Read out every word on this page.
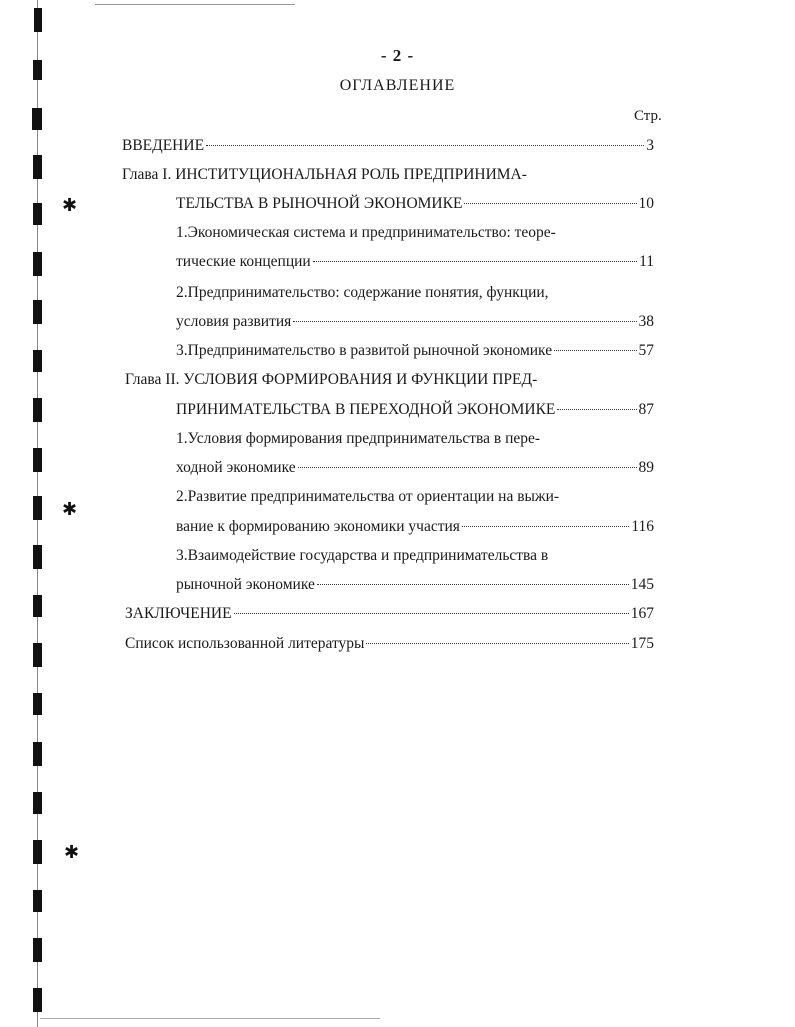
✱
✱
✱
- 2 -
ОГЛАВЛЕНИЕ
Стр.
ВВЕДЕНИЕ	3
Глава I. ИНСТИТУЦИОНАЛЬНАЯ РОЛЬ ПРЕДПРИНИМА-
ТЕЛЬСТВА В РЫНОЧНОЙ ЭКОНОМИКЕ	10
1.Экономическая система и предпринимательство: теоре-
тические концепции	11
2.Предпринимательство: содержание понятия, функции,
условия развития	38
3.Предпринимательство в развитой рыночной экономике	57
Глава II. УСЛОВИЯ ФОРМИРОВАНИЯ И ФУНКЦИИ ПРЕД-
ПРИНИМАТЕЛЬСТВА В ПЕРЕХОДНОЙ ЭКОНОМИКЕ	87
1.Условия формирования предпринимательства в пере-
ходной экономике	89
2.Развитие предпринимательства от ориентации на выжи-
вание к формированию экономики участия	116
3.Взаимодействие государства и предпринимательства в
рыночной экономике	145
ЗАКЛЮЧЕНИЕ	167
Список использованной литературы	175
